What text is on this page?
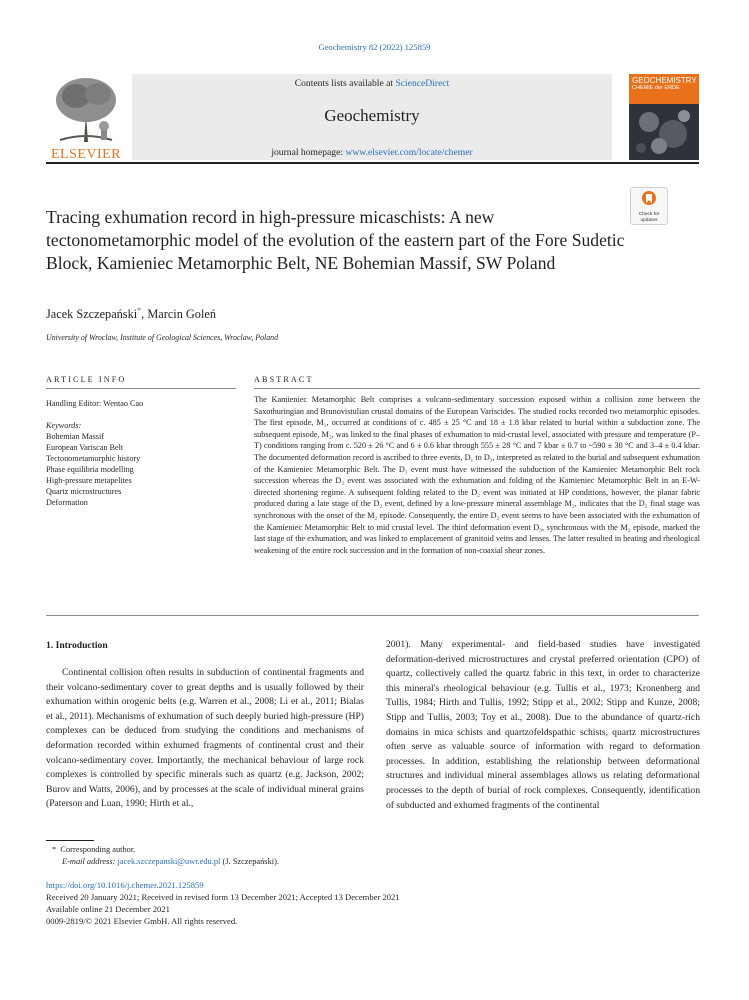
Geochemistry 82 (2022) 125859
ELSEVIER
Contents lists available at ScienceDirect
Geochemistry
journal homepage: www.elsevier.com/locate/chemer
GEOCHEMISTRY
CHEMIE der ERDE
Check for updates
Tracing exhumation record in high-pressure micaschists: A new tectonometamorphic model of the evolution of the eastern part of the Fore Sudetic Block, Kamieniec Metamorphic Belt, NE Bohemian Massif, SW Poland
Jacek Szczepański*, Marcin Goleń
University of Wroclaw, Institute of Geological Sciences, Wroclaw, Poland
ARTICLE INFO
Handling Editor: Wentao Cao
Keywords:
Bohemian Massif
European Variscan Belt
Tectonometamorphic history
Phase equilibria modelling
High-pressure metapelites
Quartz microstructures
Deformation
ABSTRACT
The Kamieniec Metamorphic Belt comprises a volcano-sedimentary succession exposed within a collision zone between the Saxothuringian and Brunovistulian crustal domains of the European Variscides. The studied rocks recorded two metamorphic episodes. The first episode, M₁, occurred at conditions of c. 485 ± 25 °C and 18 ± 1.8 kbar related to burial within a subduction zone. The subsequent episode, M₂, was linked to the final phases of exhumation to mid-crustal level, associated with pressure and temperature (P–T) conditions ranging from c. 520 ± 26 °C and 6 ± 0.6 kbar through 555 ± 28 °C and 7 kbar ± 0.7 to ~590 ± 30 °C and 3–4 ± 0.4 kbar. The documented deformation record is ascribed to three events, D₁ to D₃, interpreted as related to the burial and subsequent exhumation of the Kamieniec Metamorphic Belt. The D₁ event must have witnessed the subduction of the Kamieniec Metamorphic Belt rock succession whereas the D₂ event was associated with the exhumation and folding of the Kamieniec Metamorphic Belt in an E-W-directed shortening regime. A subsequent folding related to the D₂ event was initiated at HP conditions, however, the planar fabric produced during a late stage of the D₂ event, defined by a low-pressure mineral assemblage M₂, indicates that the D₂ final stage was synchronous with the onset of the M₂ episode. Consequently, the entire D₂ event seems to have been associated with the exhumation of the Kamieniec Metamorphic Belt to mid crustal level. The third deformation event D₃, synchronous with the M₂ episode, marked the last stage of the exhumation, and was linked to emplacement of granitoid veins and lenses. The latter resulted in heating and rheological weakening of the entire rock succession and in the formation of non-coaxial shear zones.
1. Introduction
Continental collision often results in subduction of continental fragments and their volcano-sedimentary cover to great depths and is usually followed by their exhumation within orogenic belts (e.g. Warren et al., 2008; Li et al., 2011; Bialas et al., 2011). Mechanisms of exhumation of such deeply buried high-pressure (HP) complexes can be deduced from studying the conditions and mechanisms of deformation recorded within exhumed fragments of continental crust and their volcano-sedimentary cover. Importantly, the mechanical behaviour of large rock complexes is controlled by specific minerals such as quartz (e.g. Jackson, 2002; Burov and Watts, 2006), and by processes at the scale of individual mineral grains (Paterson and Luan, 1990; Hirth et al.,
2001). Many experimental- and field-based studies have investigated deformation-derived microstructures and crystal preferred orientation (CPO) of quartz, collectively called the quartz fabric in this text, in order to characterize this mineral's rheological behaviour (e.g. Tullis et al., 1973; Kronenberg and Tullis, 1984; Hirth and Tullis, 1992; Stipp et al., 2002; Stipp and Kunze, 2008; Stipp and Tullis, 2003; Toy et al., 2008). Due to the abundance of quartz-rich domains in mica schists and quartzofeldspathic schists, quartz microstructures often serve as valuable source of information with regard to deformation processes. In addition, establishing the relationship between deformational structures and individual mineral assemblages allows us relating deformational processes to the depth of burial of rock complexes. Consequently, identification of subducted and exhumed fragments of the continental
* Corresponding author.
E-mail address: jacek.szczepanski@uwr.edu.pl (J. Szczepański).
https://doi.org/10.1016/j.chemer.2021.125859
Received 20 January 2021; Received in revised form 13 December 2021; Accepted 13 December 2021
Available online 21 December 2021
0009-2819/© 2021 Elsevier GmbH. All rights reserved.
